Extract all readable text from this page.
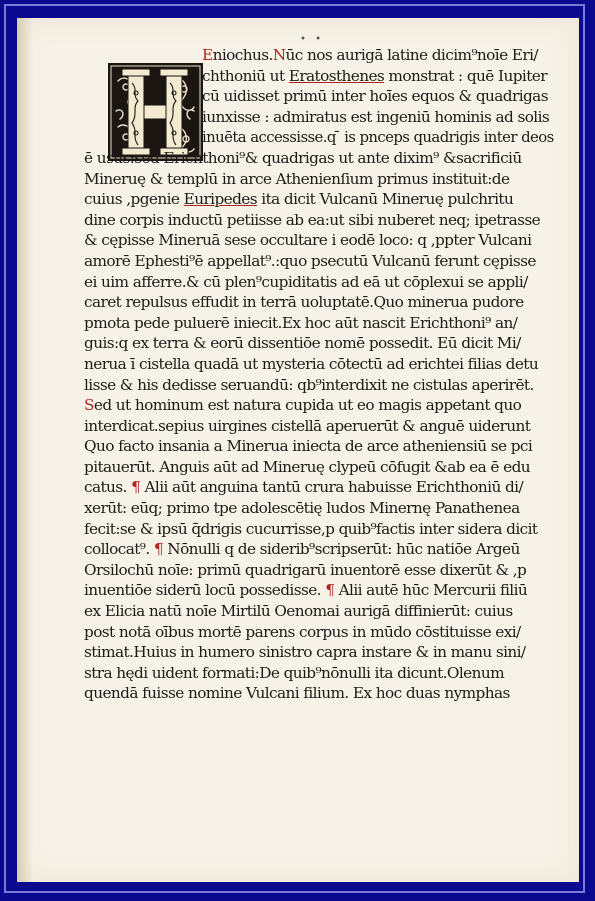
• •
Eniochus.Nūc nos aurigā latine dicim⁹noīe Eri/
chthoniū ut Eratosthenes monstrat : quē Iupiter
cū uidisset primū inter hoīes equos & quadrigas
iunxisse : admiratus est ingeniū hominis ad solis
inuēta accessisse.q ̄ is pnceps quadrigis inter deos
ē usus:sed Erichthoni⁹& quadrigas ut ante dixim⁹ &sacrificiū
Mineruę & templū in arce Athenienſium primus instituit:de
cuius ,pgenie Euripedes ita dicit Vulcanū Mineruę pulchritu
dine corpis inductū petiisse ab ea:ut sibi nuberet neq; ipetrasse
& cępisse Mineruā sese occultare i eodē loco: q ,ppter Vulcani
amorē Ephesti⁹ē appellat⁹.:quo psecutū Vulcanū ferunt cępisse
ei uim afferre.& cū plen⁹cupiditatis ad eā ut cōplexui se appli/
caret repulsus effudit in terrā uoluptatē.Quo minerua pudore
pmota pede puluerē iniecit.Ex hoc aūt nascit Erichthoni⁹ an/
guis:q ex terra & eorū dissentiōe nomē possedit. Eū dicit Mi/
nerua ī cistella quadā ut mysteria cōtectū ad erichtei filias detu
lisse & his dedisse seruandū: qb⁹interdixit ne cistulas aperirēt.
Sed ut hominum est natura cupida ut eo magis appetant quo
interdicat.sepius uirgines cistellā aperuerūt & anguē uiderunt
Quo facto insania a Minerua iniecta de arce atheniensiū se pci
pitauerūt. Anguis aūt ad Mineruę clypeū cōfugit &ab ea ē edu
catus. ¶ Alii aūt anguina tantū crura habuisse Erichthoniū di/
xerūt: eūq; primo tpe adolescētię ludos Minernę Panathenea
fecit:se & ipsū q̄drigis cucurrisse,p quib⁹factis inter sidera dicit
collocat⁹. ¶ Nōnulli q de siderib⁹scripserūt: hūc natiōe Argeū
Orsilochū noīe: primū quadrigarū inuentorē esse dixerūt & ,p
inuentiōe siderū locū possedisse. ¶ Alii autē hūc Mercurii filiū
ex Elicia natū noīe Mirtilū Oenomai aurigā diffinierūt: cuius
post notā oībus mortē parens corpus in mūdo cōstituisse exi/
stimat.Huius in humero sinistro capra instare & in manu sini/
stra hędi uident formati:De quib⁹nōnulli ita dicunt.Olenum
quendā fuisse nomine Vulcani filium. Ex hoc duas nymphas
